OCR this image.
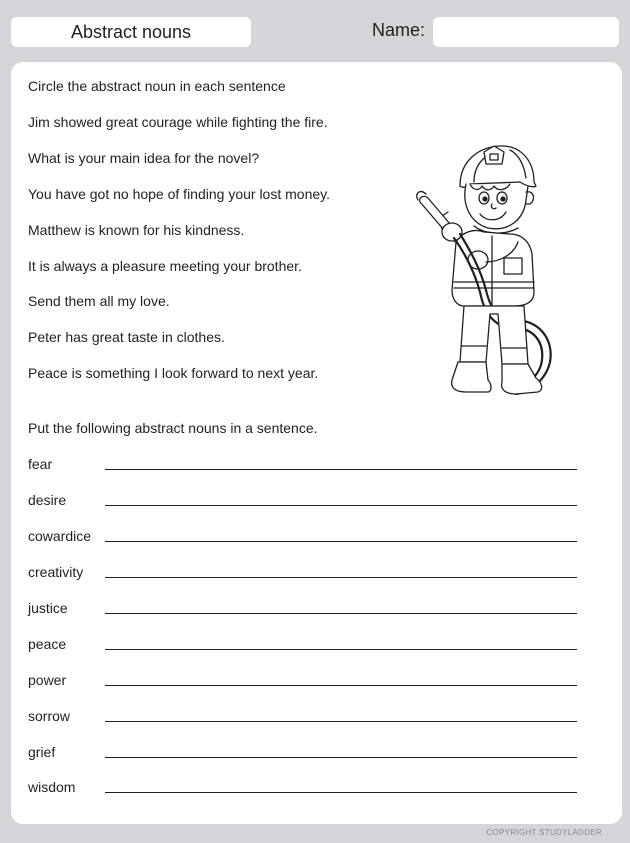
Abstract nouns	Name:
Circle the abstract noun in each sentence
Jim showed great courage while fighting the fire.
What is your main idea for the novel?
You have got no hope of finding your lost money.
Matthew is known for his kindness.
It is always a pleasure meeting your brother.
Send them all my love.
Peter has great taste in clothes.
Peace is something I look forward to next year.
Put the following abstract nouns in a sentence.
fear
desire
cowardice
creativity
justice
peace
power
sorrow
grief
wisdom
COPYRIGHT STUDYLADDER
